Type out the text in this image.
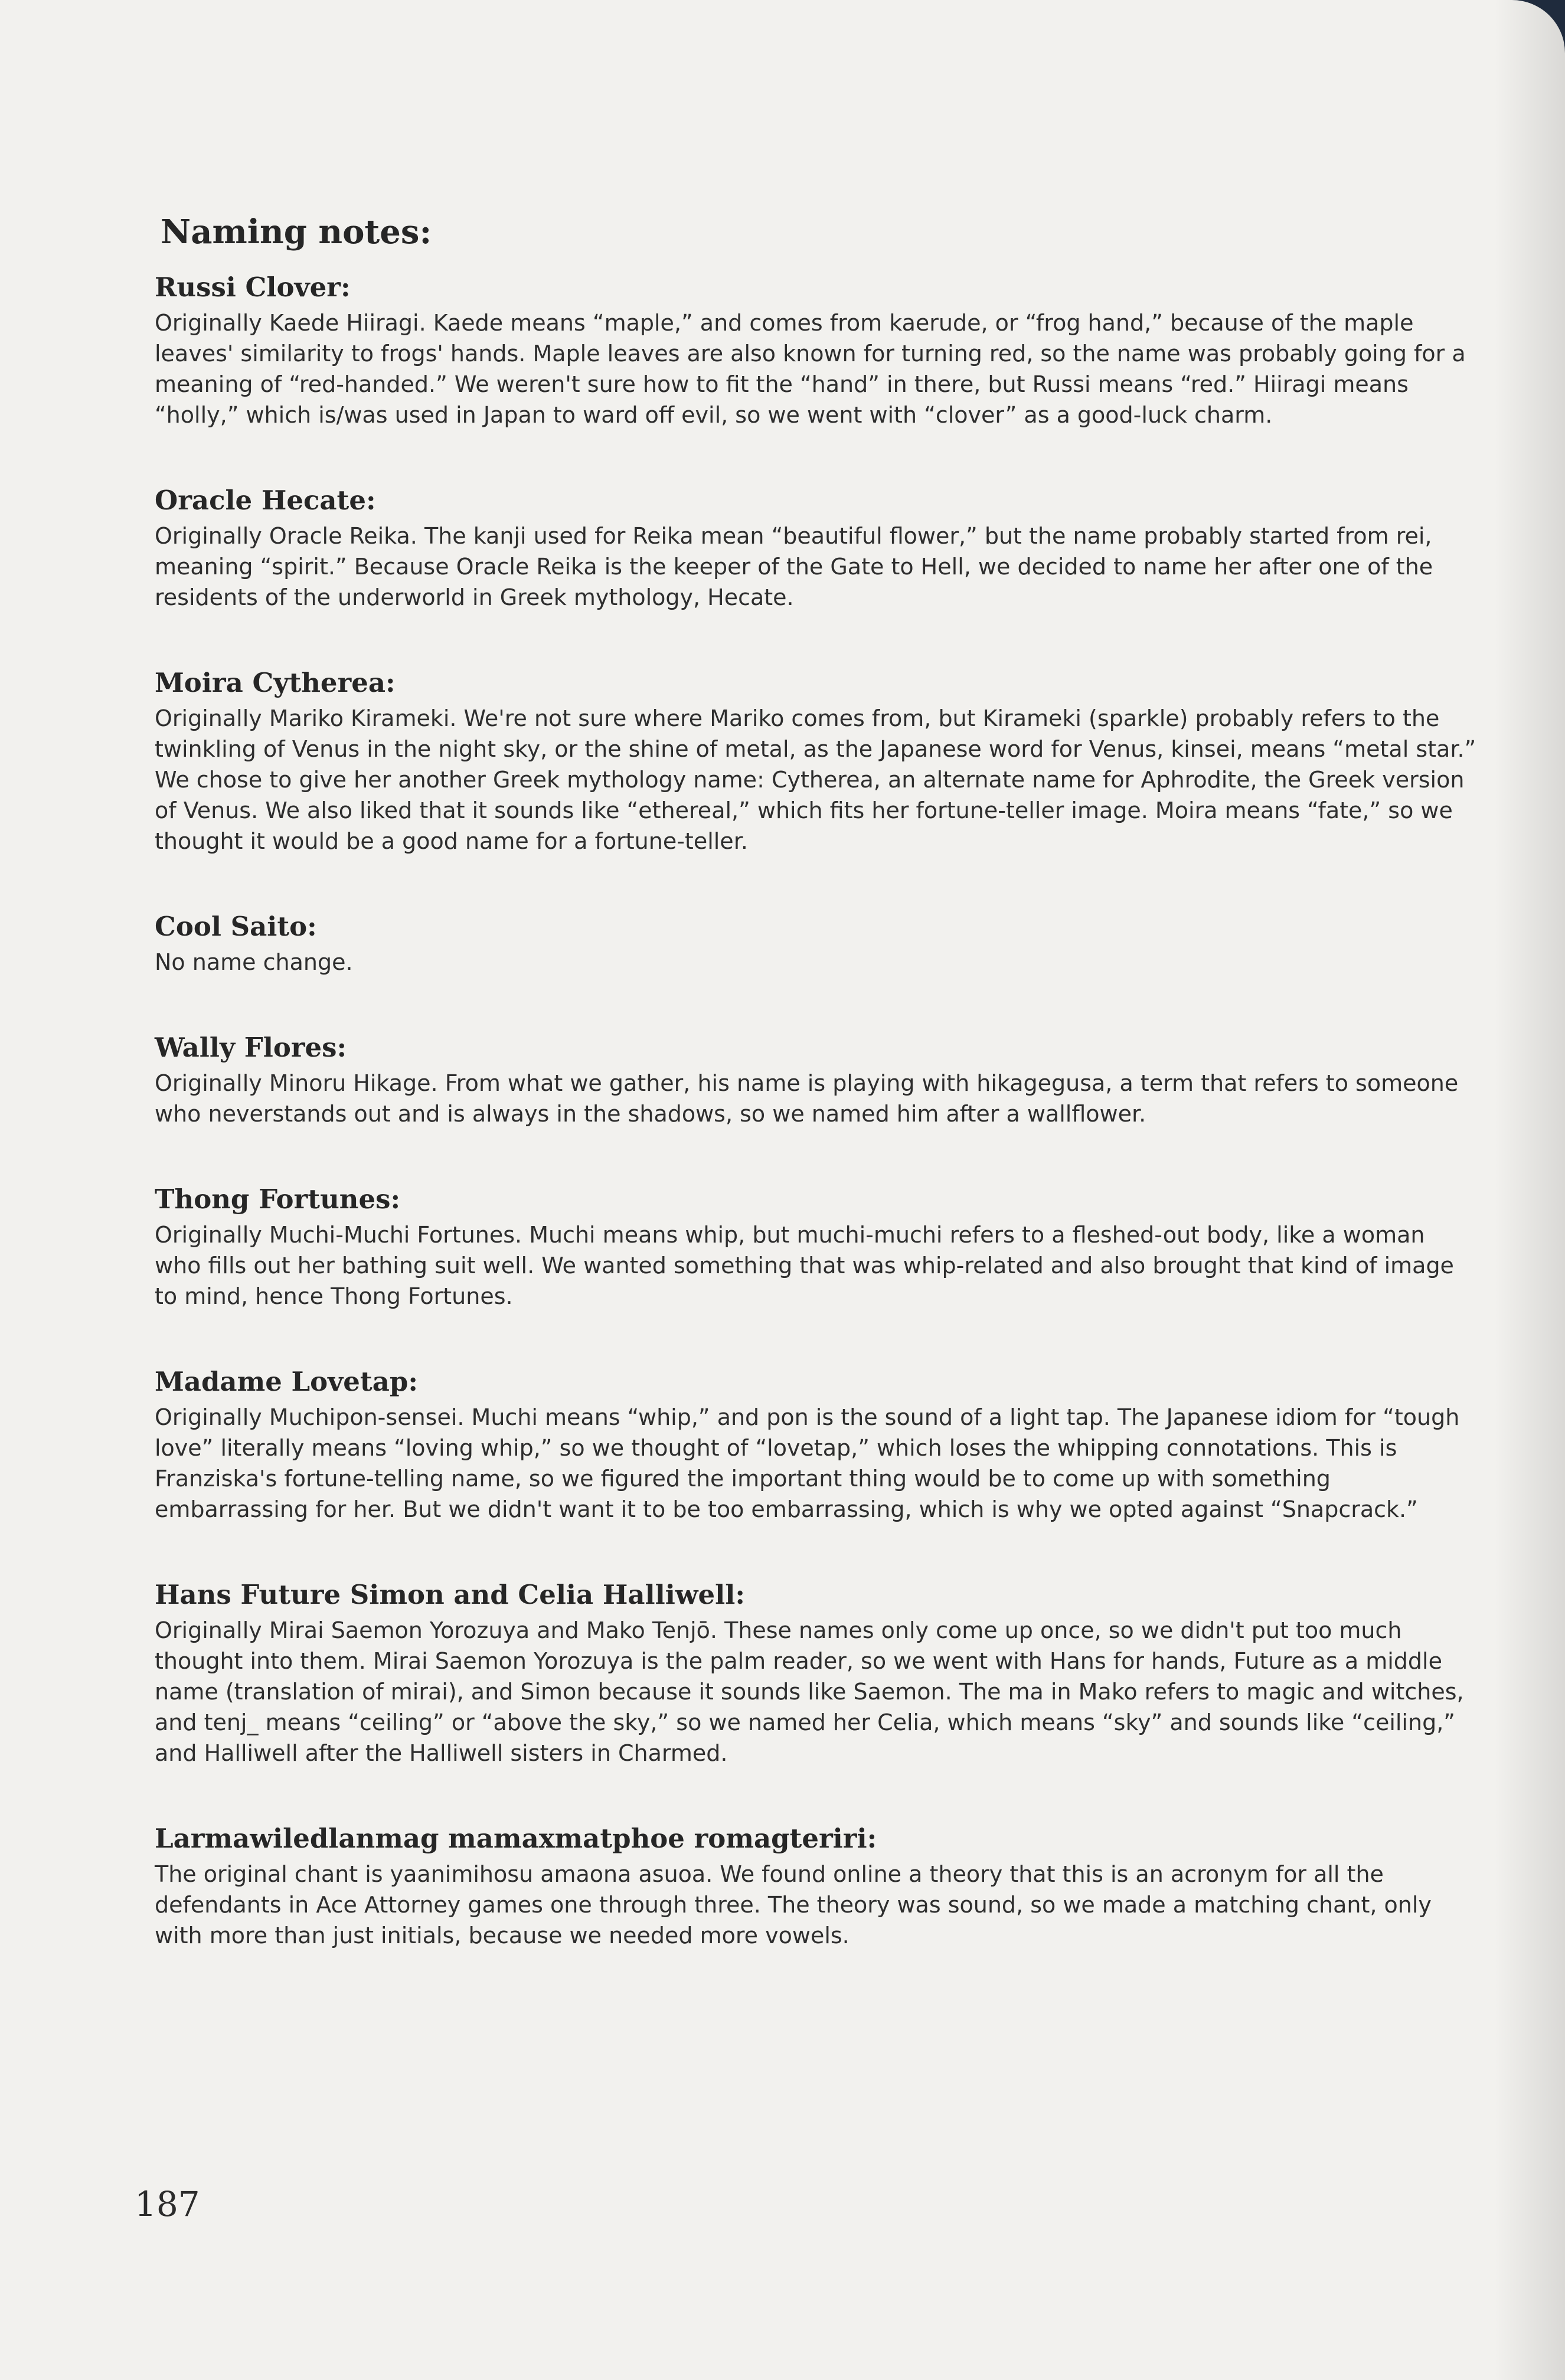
Naming notes:
Russi Clover:

Originally Kaede Hiiragi. Kaede means “maple,” and comes from kaerude, or “frog hand,” because of the maple leaves' similarity to frogs' hands. Maple leaves are also known for turning red, so the name was probably going for a meaning of “red-handed.” We weren't sure how to fit the “hand” in there, but Russi means “red.” Hiiragi means “holly,” which is/was used in Japan to ward off evil, so we went with “clover” as a good-luck charm.

Oracle Hecate:

Originally Oracle Reika. The kanji used for Reika mean “beautiful flower,” but the name probably started from rei, meaning “spirit.” Because Oracle Reika is the keeper of the Gate to Hell, we decided to name her after one of the residents of the underworld in Greek mythology, Hecate.

Moira Cytherea:

Originally Mariko Kirameki. We're not sure where Mariko comes from, but Kirameki (sparkle) probably refers to the twinkling of Venus in the night sky, or the shine of metal, as the Japanese word for Venus, kinsei, means “metal star.” We chose to give her another Greek mythology name: Cytherea, an alternate name for Aphrodite, the Greek version of Venus. We also liked that it sounds like “ethereal,” which fits her fortune-teller image. Moira means “fate,” so we thought it would be a good name for a fortune-teller.

Cool Saito:

No name change.

Wally Flores:

Originally Minoru Hikage. From what we gather, his name is playing with hikagegusa, a term that refers to someone who neverstands out and is always in the shadows, so we named him after a wallflower.

Thong Fortunes:

Originally Muchi-Muchi Fortunes. Muchi means whip, but muchi-muchi refers to a fleshed-out body, like a woman who fills out her bathing suit well. We wanted something that was whip-related and also brought that kind of image to mind, hence Thong Fortunes.

Madame Lovetap:

Originally Muchipon-sensei. Muchi means “whip,” and pon is the sound of a light tap. The Japanese idiom for “tough love” literally means “loving whip,” so we thought of “lovetap,” which loses the whipping connotations. This is Franziska's fortune-telling name, so we figured the important thing would be to come up with something embarrassing for her. But we didn't want it to be too embarrassing, which is why we opted against “Snapcrack.”

Hans Future Simon and Celia Halliwell:

Originally Mirai Saemon Yorozuya and Mako Tenjō. These names only come up once, so we didn't put too much thought into them. Mirai Saemon Yorozuya is the palm reader, so we went with Hans for hands, Future as a middle name (translation of mirai), and Simon because it sounds like Saemon. The ma in Mako refers to magic and witches, and tenj_ means “ceiling” or “above the sky,” so we named her Celia, which means “sky” and sounds like “ceiling,” and Halliwell after the Halliwell sisters in Charmed.

Larmawiledlanmag mamaxmatphoe romagteriri:

The original chant is yaanimihosu amaona asuoa. We found online a theory that this is an acronym for all the defendants in Ace Attorney games one through three. The theory was sound, so we made a matching chant, only with more than just initials, because we needed more vowels.

187
